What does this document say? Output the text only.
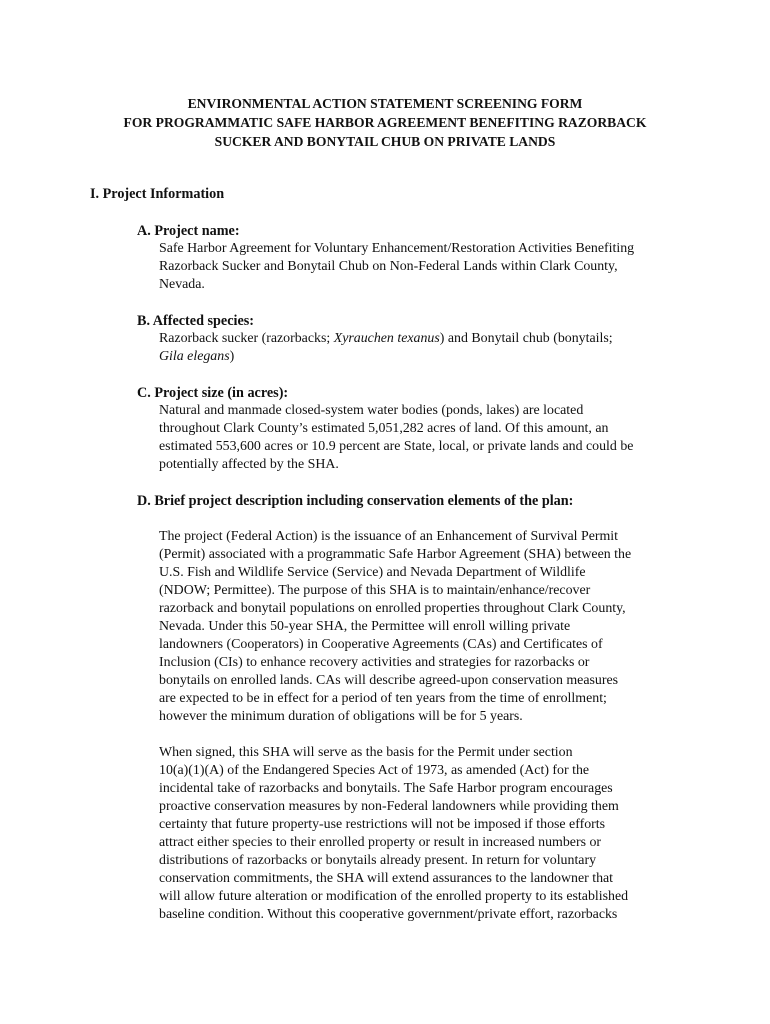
ENVIRONMENTAL ACTION STATEMENT SCREENING FORM
FOR PROGRAMMATIC SAFE HARBOR AGREEMENT BENEFITING RAZORBACK
SUCKER AND BONYTAIL CHUB ON PRIVATE LANDS
I. Project Information
A. Project name:
Safe Harbor Agreement for Voluntary Enhancement/Restoration Activities Benefiting
Razorback Sucker and Bonytail Chub on Non-Federal Lands within Clark County,
Nevada.
B. Affected species:
Razorback sucker (razorbacks; Xyrauchen texanus) and Bonytail chub (bonytails;
Gila elegans)
C. Project size (in acres):
Natural and manmade closed-system water bodies (ponds, lakes) are located
throughout Clark County’s estimated 5,051,282 acres of land. Of this amount, an
estimated 553,600 acres or 10.9 percent are State, local, or private lands and could be
potentially affected by the SHA.
D. Brief project description including conservation elements of the plan:
The project (Federal Action) is the issuance of an Enhancement of Survival Permit
(Permit) associated with a programmatic Safe Harbor Agreement (SHA) between the
U.S. Fish and Wildlife Service (Service) and Nevada Department of Wildlife
(NDOW; Permittee). The purpose of this SHA is to maintain/enhance/recover
razorback and bonytail populations on enrolled properties throughout Clark County,
Nevada. Under this 50-year SHA, the Permittee will enroll willing private
landowners (Cooperators) in Cooperative Agreements (CAs) and Certificates of
Inclusion (CIs) to enhance recovery activities and strategies for razorbacks or
bonytails on enrolled lands. CAs will describe agreed-upon conservation measures
are expected to be in effect for a period of ten years from the time of enrollment;
however the minimum duration of obligations will be for 5 years.
When signed, this SHA will serve as the basis for the Permit under section
10(a)(1)(A) of the Endangered Species Act of 1973, as amended (Act) for the
incidental take of razorbacks and bonytails. The Safe Harbor program encourages
proactive conservation measures by non-Federal landowners while providing them
certainty that future property-use restrictions will not be imposed if those efforts
attract either species to their enrolled property or result in increased numbers or
distributions of razorbacks or bonytails already present. In return for voluntary
conservation commitments, the SHA will extend assurances to the landowner that
will allow future alteration or modification of the enrolled property to its established
baseline condition. Without this cooperative government/private effort, razorbacks
